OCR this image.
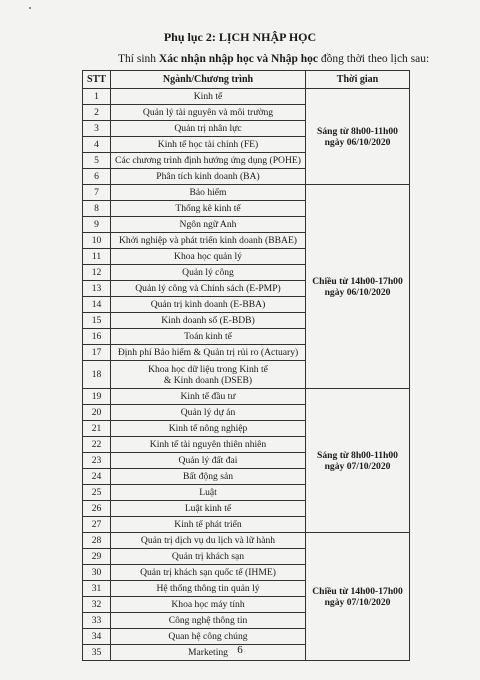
Phụ lục 2: LỊCH NHẬP HỌC
Thí sinh Xác nhận nhập học và Nhập học đồng thời theo lịch sau:
STT	Ngành/Chương trình	Thời gian
1	Kinh tế	Sáng từ 8h00-11h00
ngày 06/10/2020
2	Quản lý tài nguyên và môi trường	
3	Quản trị nhân lực	
4	Kinh tế học tài chính (FE)	
5	Các chương trình định hướng ứng dụng (POHE)	
6	Phân tích kinh doanh (BA)	
7	Bảo hiểm	Chiều từ 14h00-17h00
ngày 06/10/2020
8	Thống kê kinh tế	
9	Ngôn ngữ Anh	
10	Khởi nghiệp và phát triển kinh doanh (BBAE)	
11	Khoa học quản lý	
12	Quản lý công	
13	Quản lý công và Chính sách (E-PMP)	
14	Quản trị kinh doanh (E-BBA)	
15	Kinh doanh số (E-BDB)	
16	Toán kinh tế	
17	Định phí Bảo hiểm & Quản trị rủi ro (Actuary)	
18	Khoa học dữ liệu trong Kinh tế
& Kinh doanh (DSEB)	
19	Kinh tế đầu tư	Sáng từ 8h00-11h00
ngày 07/10/2020
20	Quản lý dự án	
21	Kinh tế nông nghiệp	
22	Kinh tế tài nguyên thiên nhiên	
23	Quản lý đất đai	
24	Bất động sản	
25	Luật	
26	Luật kinh tế	
27	Kinh tế phát triển	
28	Quản trị dịch vụ du lịch và lữ hành	Chiều từ 14h00-17h00
ngày 07/10/2020
29	Quản trị khách sạn	
30	Quản trị khách sạn quốc tế (IHME)	
31	Hệ thống thông tin quản lý	
32	Khoa học máy tính	
33	Công nghệ thông tin	
34	Quan hệ công chúng	
35	Marketing	6
